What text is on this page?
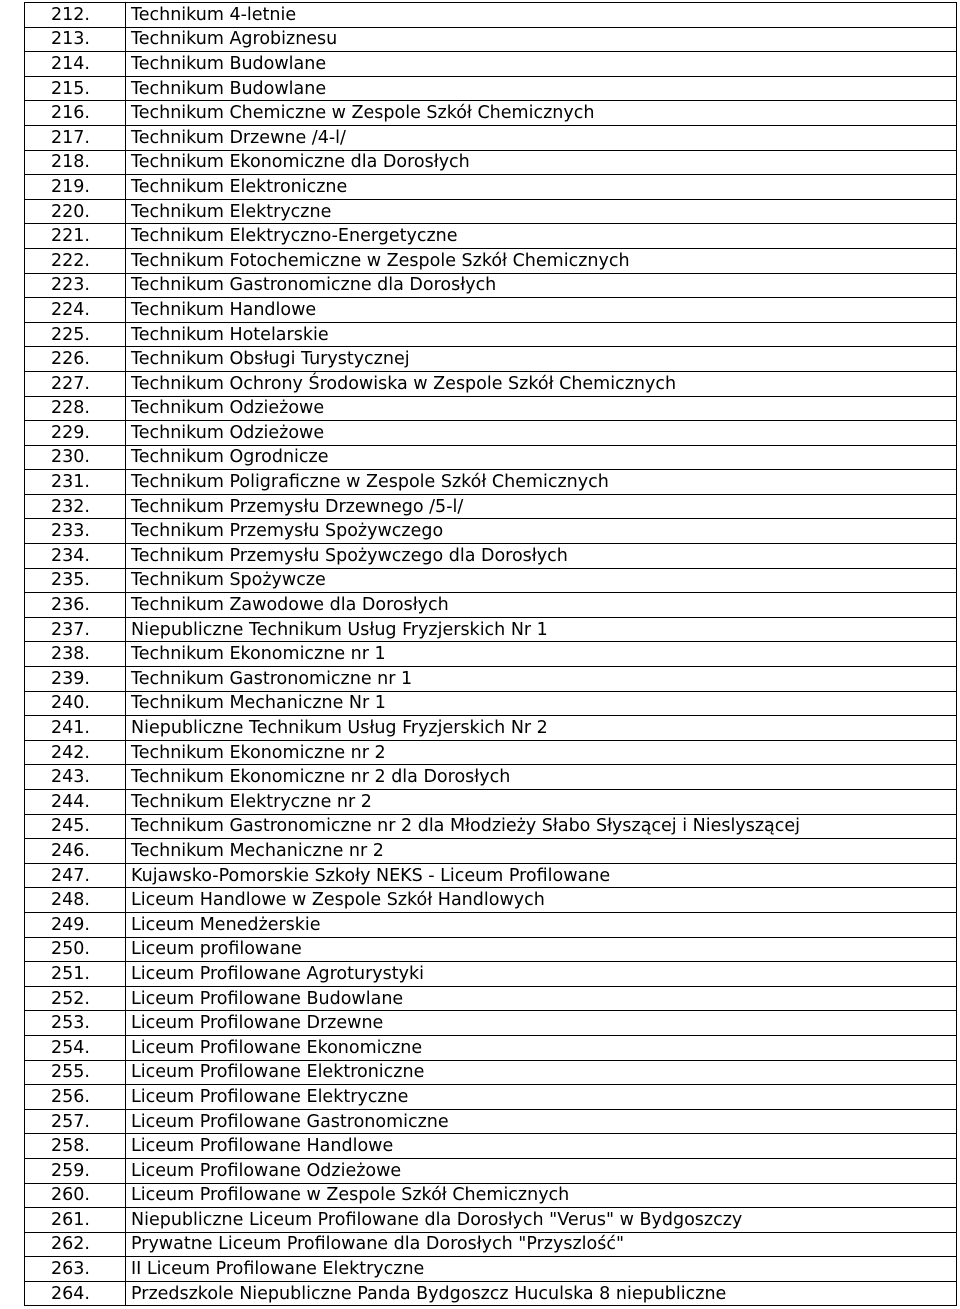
212.	Technikum 4-letnie
213.	Technikum Agrobiznesu
214.	Technikum Budowlane
215.	Technikum Budowlane
216.	Technikum Chemiczne w Zespole Szkół Chemicznych
217.	Technikum Drzewne /4-l/
218.	Technikum Ekonomiczne dla Dorosłych
219.	Technikum Elektroniczne
220.	Technikum Elektryczne
221.	Technikum Elektryczno-Energetyczne
222.	Technikum Fotochemiczne w Zespole Szkół Chemicznych
223.	Technikum Gastronomiczne dla Dorosłych
224.	Technikum Handlowe
225.	Technikum Hotelarskie
226.	Technikum Obsługi Turystycznej
227.	Technikum Ochrony Środowiska w Zespole Szkół Chemicznych
228.	Technikum Odzieżowe
229.	Technikum Odzieżowe
230.	Technikum Ogrodnicze
231.	Technikum Poligraficzne w Zespole Szkół Chemicznych
232.	Technikum Przemysłu Drzewnego /5-l/
233.	Technikum Przemysłu Spożywczego
234.	Technikum Przemysłu Spożywczego dla Dorosłych
235.	Technikum Spożywcze
236.	Technikum Zawodowe dla Dorosłych
237.	Niepubliczne Technikum Usług Fryzjerskich Nr 1
238.	Technikum Ekonomiczne nr 1
239.	Technikum Gastronomiczne nr 1
240.	Technikum Mechaniczne Nr 1
241.	Niepubliczne Technikum Usług Fryzjerskich Nr 2
242.	Technikum Ekonomiczne nr 2
243.	Technikum Ekonomiczne nr 2 dla Dorosłych
244.	Technikum Elektryczne nr 2
245.	Technikum Gastronomiczne nr 2 dla Młodzieży Słabo Słyszącej i Nieslyszącej
246.	Technikum Mechaniczne nr 2
247.	Kujawsko-Pomorskie Szkoły NEKS - Liceum Profilowane
248.	Liceum Handlowe w Zespole Szkół Handlowych
249.	Liceum Menedżerskie
250.	Liceum profilowane
251.	Liceum Profilowane Agroturystyki
252.	Liceum Profilowane Budowlane
253.	Liceum Profilowane Drzewne
254.	Liceum Profilowane Ekonomiczne
255.	Liceum Profilowane Elektroniczne
256.	Liceum Profilowane Elektryczne
257.	Liceum Profilowane Gastronomiczne
258.	Liceum Profilowane Handlowe
259.	Liceum Profilowane Odzieżowe
260.	Liceum Profilowane w Zespole Szkół Chemicznych
261.	Niepubliczne Liceum Profilowane dla Dorosłych "Verus" w Bydgoszczy
262.	Prywatne Liceum Profilowane dla Dorosłych "Przyszlość"
263.	II Liceum Profilowane Elektryczne
264.	Przedszkole Niepubliczne Panda Bydgoszcz Huculska 8 niepubliczne
